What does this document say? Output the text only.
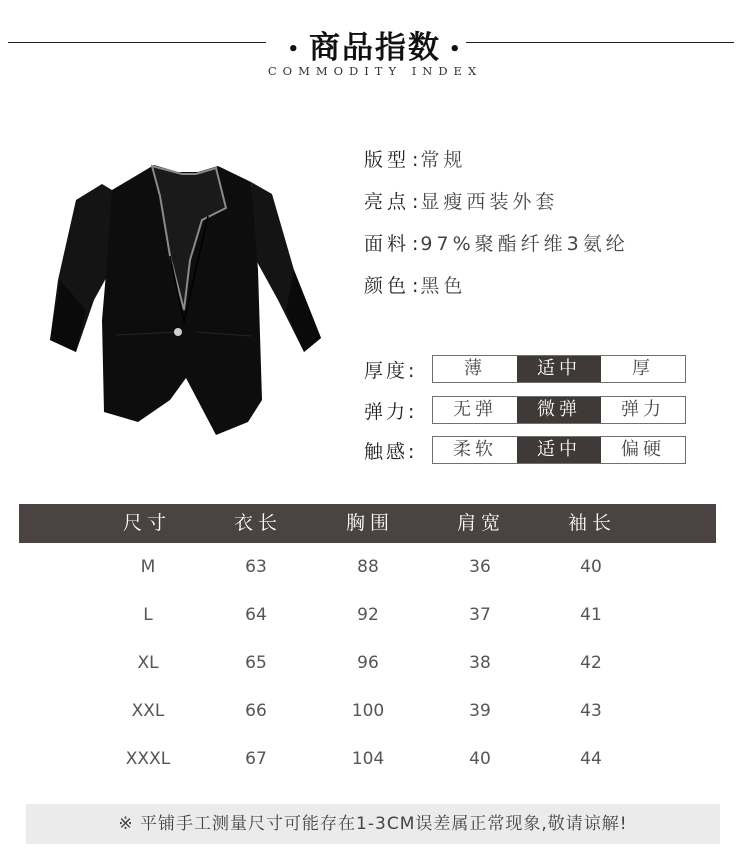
• 商品指数 •
COMMODITY INDEX
版型 : 常规
亮点 : 显瘦西装外套
面料 : 97%聚酯纤维3氨纶
颜色 : 黑色
厚度:	薄	适中	厚
弹力:	无弹	微弹	弹力
触感:	柔软	适中	偏硬
尺寸	衣长	胸围	肩宽	袖长
M	63	88	36	40
L	64	92	37	41
XL	65	96	38	42
XXL	66	100	39	43
XXXL	67	104	40	44
※ 平铺手工测量尺寸可能存在1-3CM误差属正常现象,敬请谅解!
